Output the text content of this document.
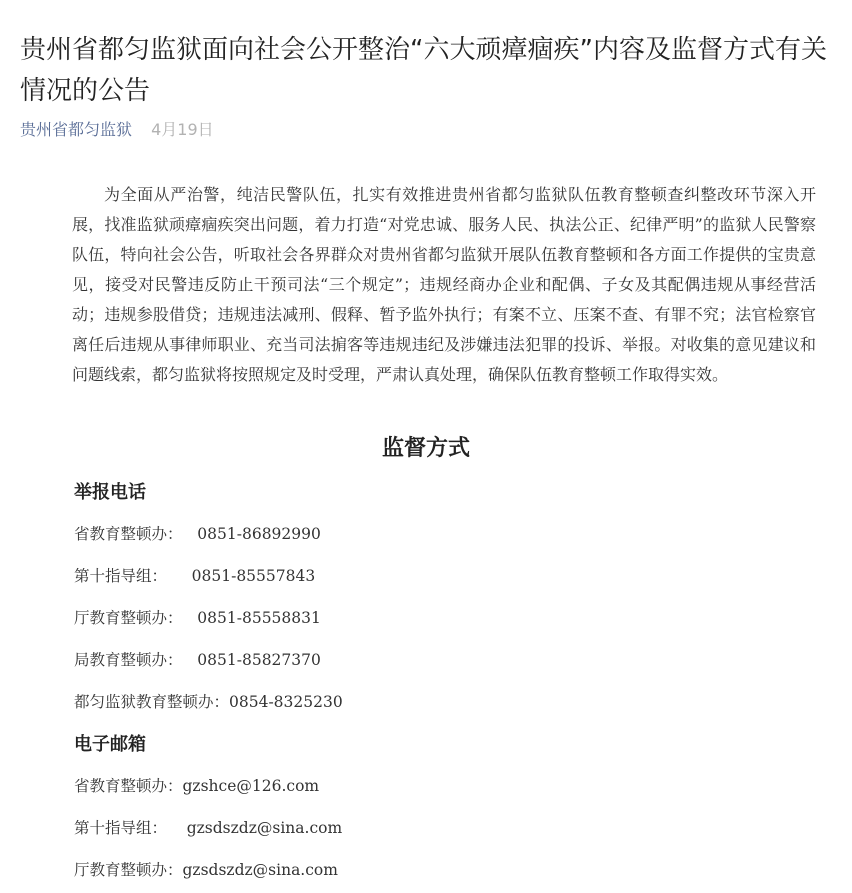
贵州省都匀监狱面向社会公开整治“六大顽瘴痼疾”内容及监督方式有关情况的公告
贵州省都匀监狱 4月19日

为全面从严治警，纯洁民警队伍，扎实有效推进贵州省都匀监狱队伍教育整顿查纠整改环节深入开展，找准监狱顽瘴痼疾突出问题，着力打造“对党忠诚、服务人民、执法公正、纪律严明”的监狱人民警察队伍，特向社会公告，听取社会各界群众对贵州省都匀监狱开展队伍教育整顿和各方面工作提供的宝贵意见，接受对民警违反防止干预司法“三个规定”；违规经商办企业和配偶、子女及其配偶违规从事经营活动；违规参股借贷；违规违法减刑、假释、暂予监外执行；有案不立、压案不查、有罪不究；法官检察官离任后违规从事律师职业、充当司法掮客等违规违纪及涉嫌违法犯罪的投诉、举报。对收集的意见建议和问题线索，都匀监狱将按照规定及时受理，严肃认真处理，确保队伍教育整顿工作取得实效。

监督方式
举报电话
省教育整顿办：   0851-86892990
第十指导组：     0851-85557843
厅教育整顿办：   0851-85558831
局教育整顿办：   0851-85827370
都匀监狱教育整顿办：0854-8325230
电子邮箱
省教育整顿办：gzshce@126.com
第十指导组：    gzsdszdz@sina.com
厅教育整顿办：gzsdszdz@sina.com
